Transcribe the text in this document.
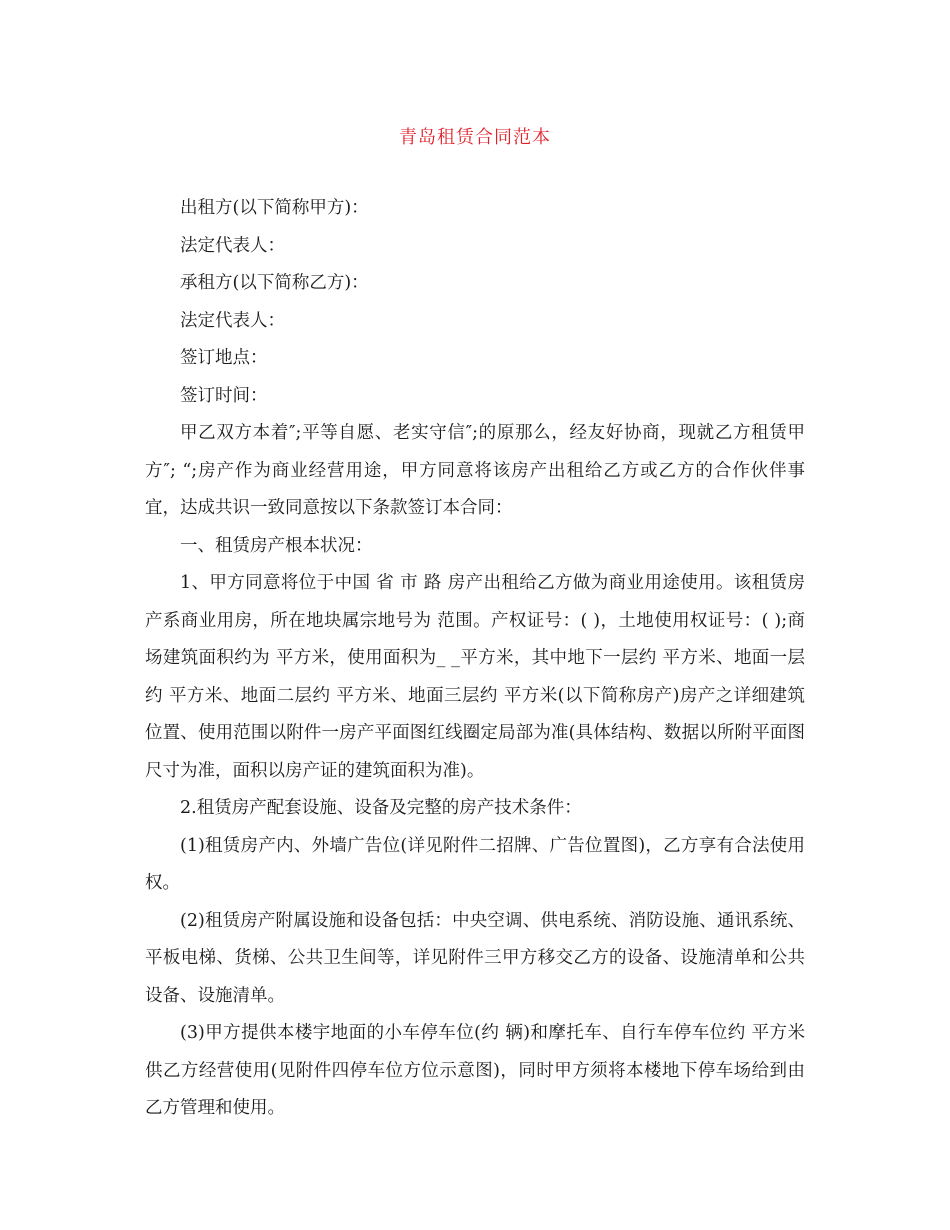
青岛租赁合同范本

出租方(以下简称甲方)：

法定代表人：

承租方(以下简称乙方)：

法定代表人：

签订地点：

签订时间：

甲乙双方本着″;平等自愿、老实守信″;的原那么，经友好协商，现就乙方租赁甲方″; “;房产作为商业经营用途，甲方同意将该房产出租给乙方或乙方的合作伙伴事宜，达成共识一致同意按以下条款签订本合同：

一、租赁房产根本状况：

1、甲方同意将位于中国 省 市 路 房产出租给乙方做为商业用途使用。该租赁房产系商业用房，所在地块属宗地号为 范围。产权证号：( )，土地使用权证号：( );商场建筑面积约为 平方米，使用面积为_ _平方米，其中地下一层约 平方米、地面一层约 平方米、地面二层约 平方米、地面三层约 平方米(以下简称房产)房产之详细建筑位置、使用范围以附件一房产平面图红线圈定局部为准(具体结构、数据以所附平面图尺寸为准，面积以房产证的建筑面积为准)。

2.租赁房产配套设施、设备及完整的房产技术条件：

(1)租赁房产内、外墙广告位(详见附件二招牌、广告位置图)，乙方享有合法使用权。

(2)租赁房产附属设施和设备包括：中央空调、供电系统、消防设施、通讯系统、平板电梯、货梯、公共卫生间等，详见附件三甲方移交乙方的设备、设施清单和公共设备、设施清单。

(3)甲方提供本楼宇地面的小车停车位(约 辆)和摩托车、自行车停车位约 平方米供乙方经营使用(见附件四停车位方位示意图)，同时甲方须将本楼地下停车场给到由乙方管理和使用。
